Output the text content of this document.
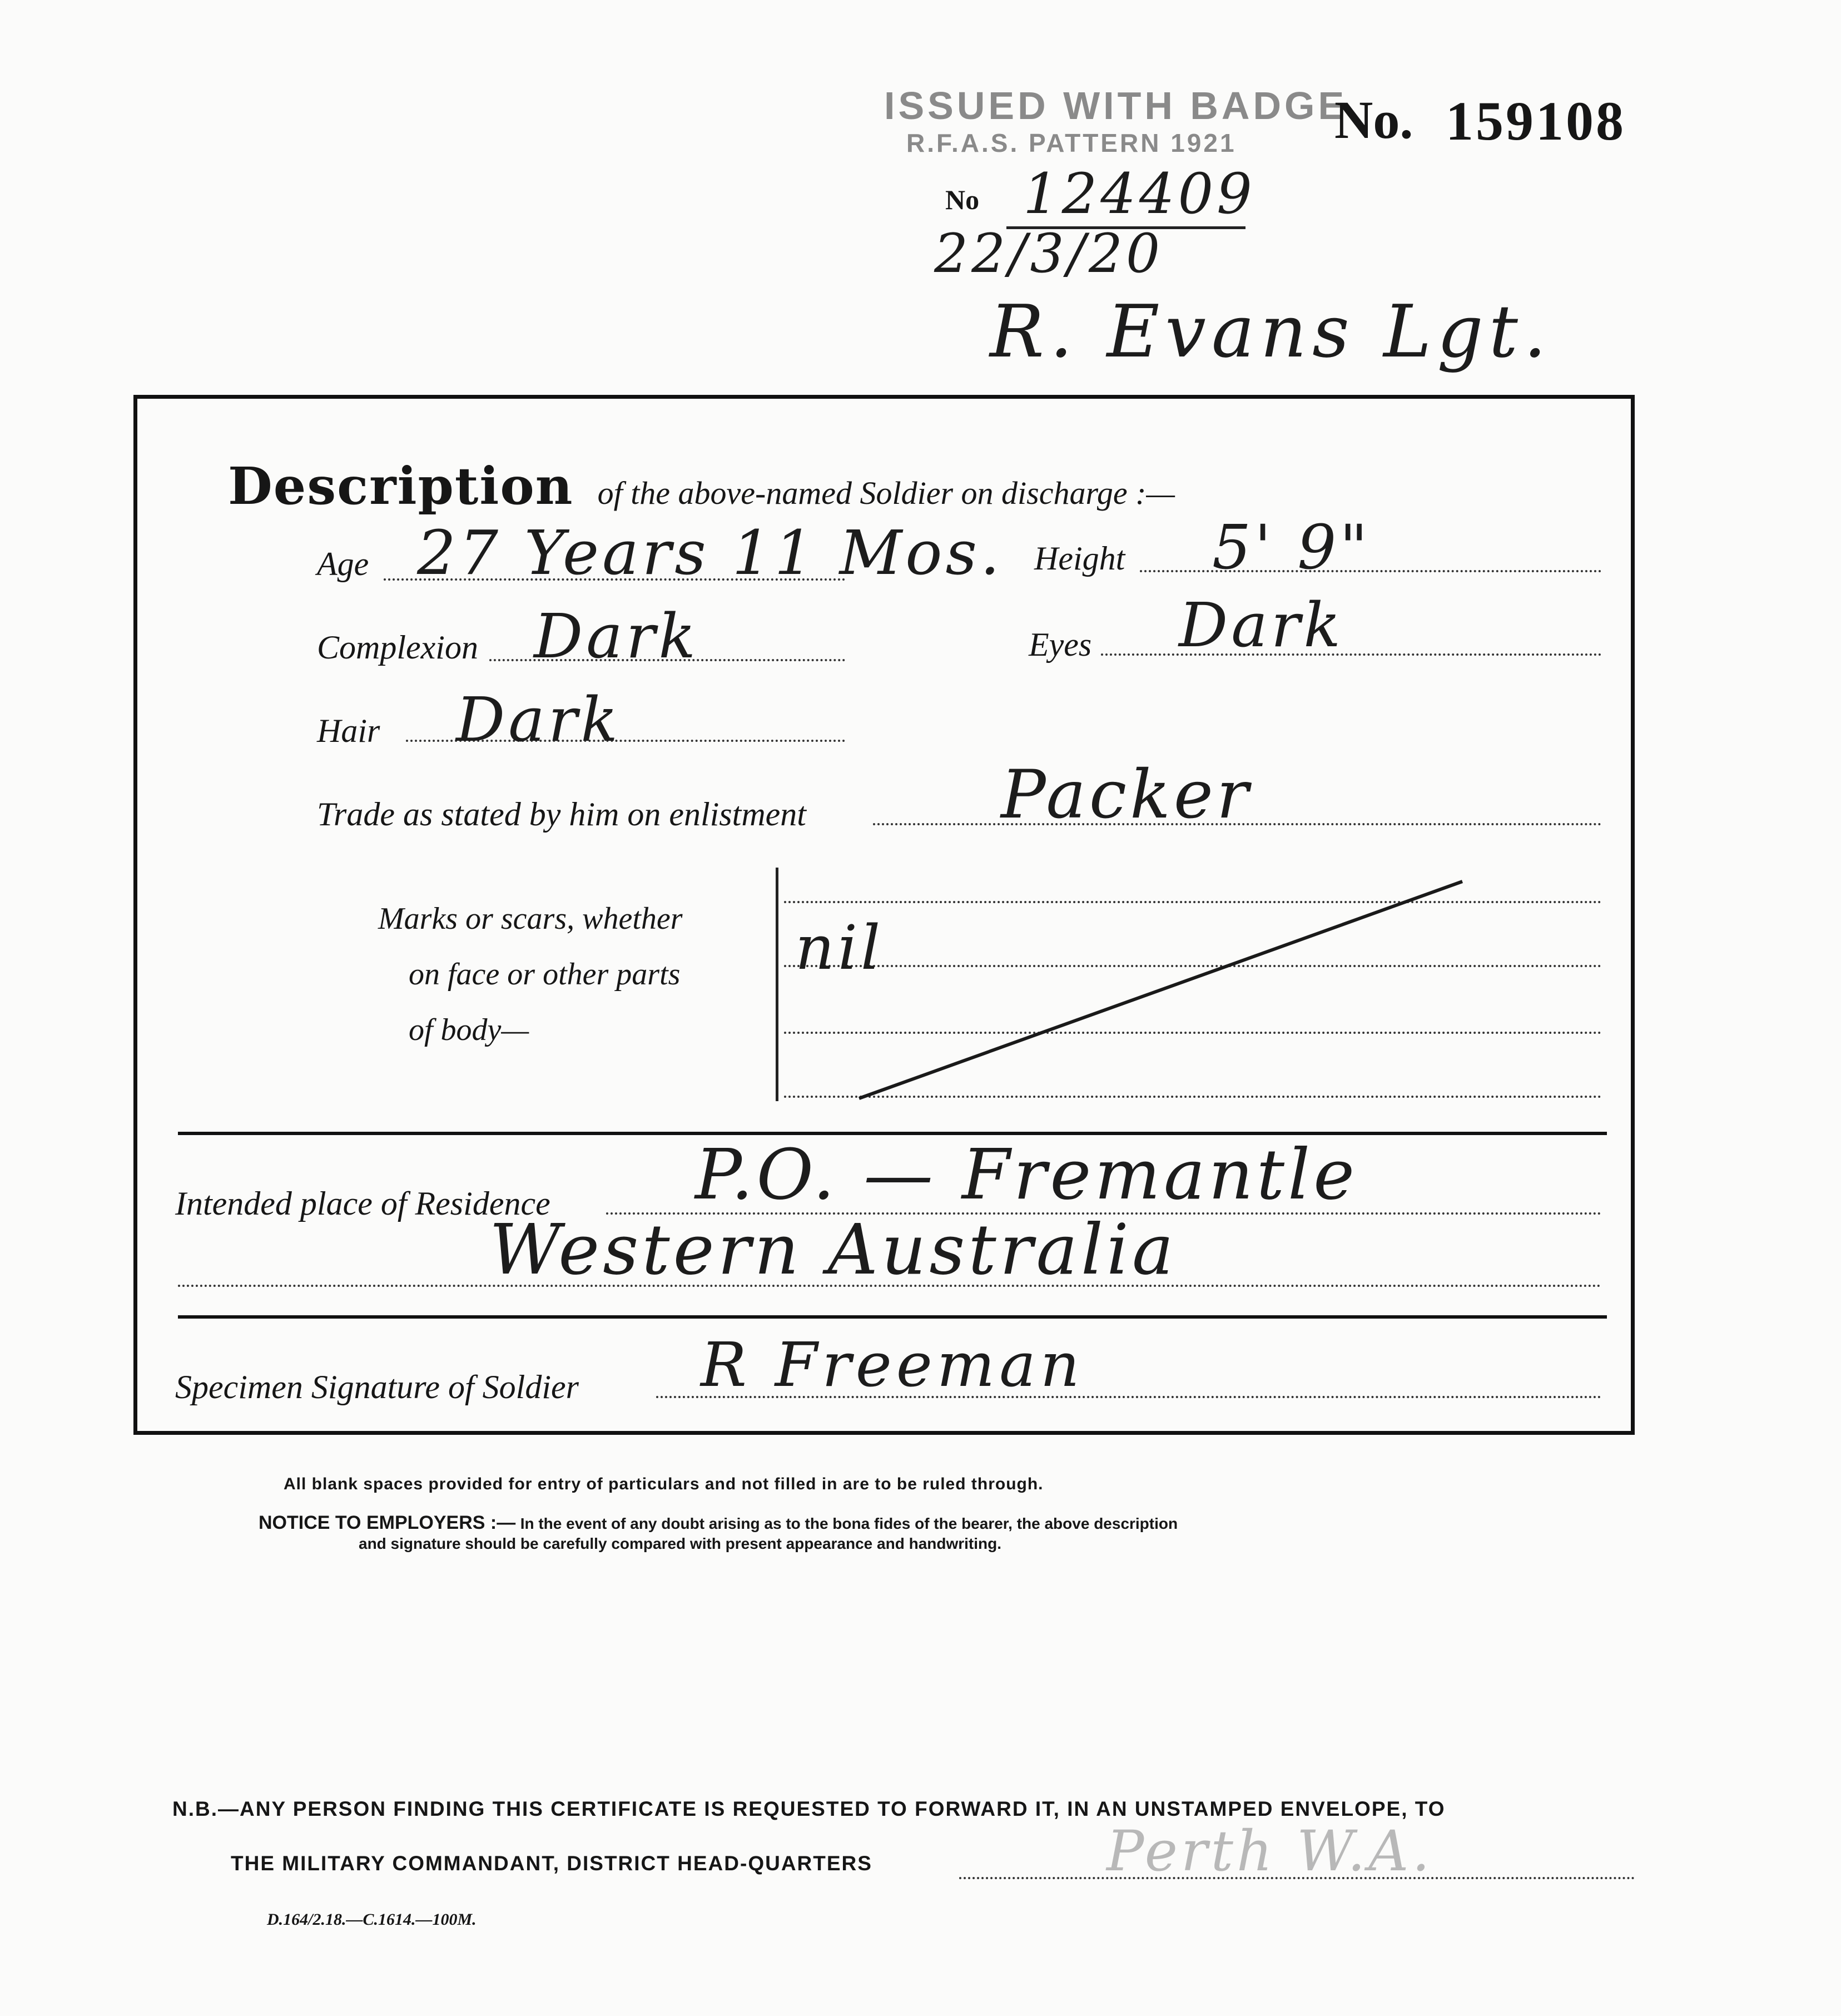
ISSUED WITH BADGE
R.F.A.S. PATTERN 1921 No. 159108
No 124409
22/3/20
R. Evans Lgt.
Description of the above-named Soldier on discharge :—
Age 27 Years 11 Mos. Height 5' 9"
Complexion Dark	Eyes Dark
Hair Dark
Trade as stated by him on enlistment	Packer
Marks or scars, whether
on face or other parts
of body—
nil
Intended place of Residence P.O. — Fremantle
Western Australia
Specimen Signature of Soldier R Freeman
All blank spaces provided for entry of particulars and not filled in are to be ruled through.
NOTICE TO EMPLOYERS :— In the event of any doubt arising as to the bona fides of the bearer, the above description
and signature should be carefully compared with present appearance and handwriting.
N.B.—ANY PERSON FINDING THIS CERTIFICATE IS REQUESTED TO FORWARD IT, IN AN UNSTAMPED ENVELOPE, TO
THE MILITARY COMMANDANT, DISTRICT HEAD-QUARTERS	Perth W.A.
D.164/2.18.—C.1614.—100M.
